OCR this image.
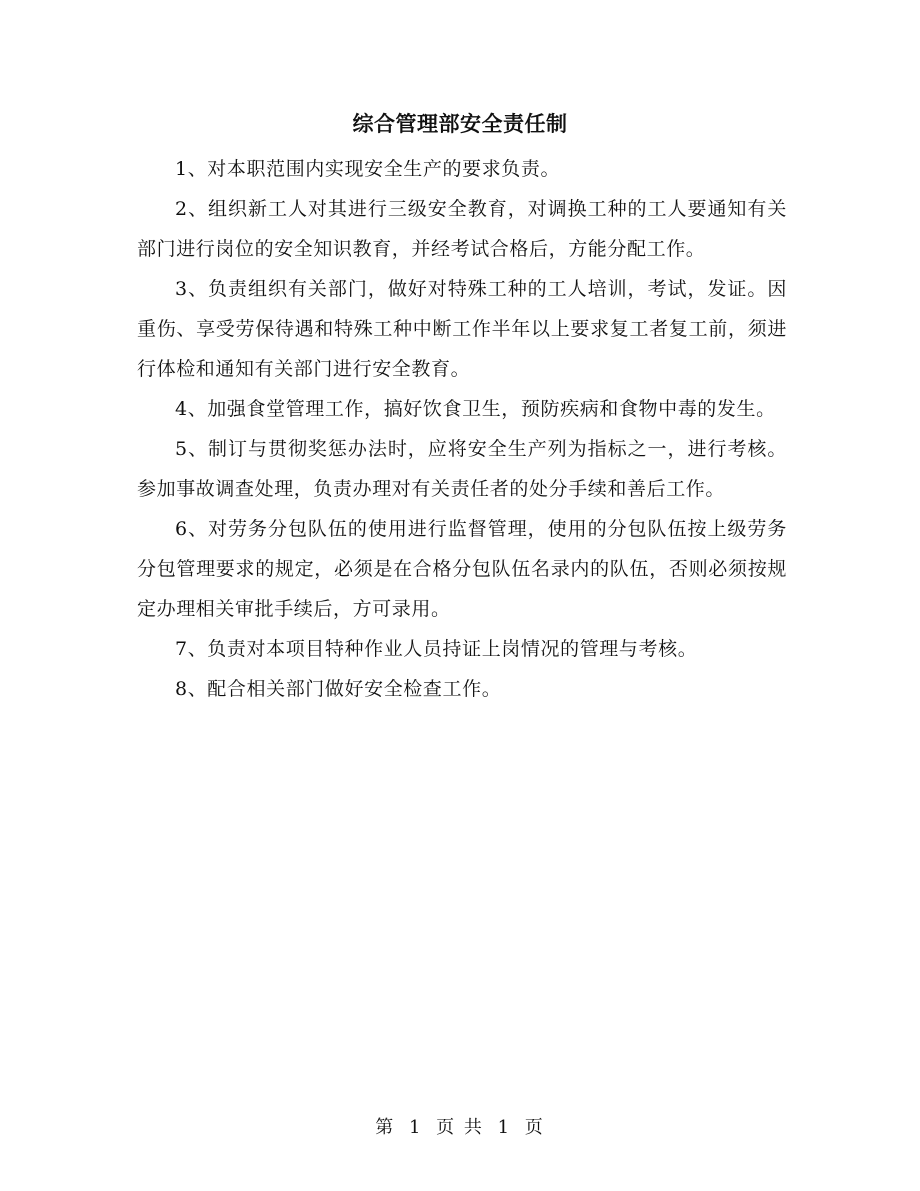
综合管理部安全责任制

1、对本职范围内实现安全生产的要求负责。

2、组织新工人对其进行三级安全教育，对调换工种的工人要通知有关部门进行岗位的安全知识教育，并经考试合格后，方能分配工作。

3、负责组织有关部门，做好对特殊工种的工人培训，考试，发证。因重伤、享受劳保待遇和特殊工种中断工作半年以上要求复工者复工前，须进行体检和通知有关部门进行安全教育。

4、加强食堂管理工作，搞好饮食卫生，预防疾病和食物中毒的发生。

5、制订与贯彻奖惩办法时，应将安全生产列为指标之一，进行考核。参加事故调查处理，负责办理对有关责任者的处分手续和善后工作。

6、对劳务分包队伍的使用进行监督管理，使用的分包队伍按上级劳务分包管理要求的规定，必须是在合格分包队伍名录内的队伍，否则必须按规定办理相关审批手续后，方可录用。

7、负责对本项目特种作业人员持证上岗情况的管理与考核。

8、配合相关部门做好安全检查工作。

第 1 页 共 1 页
